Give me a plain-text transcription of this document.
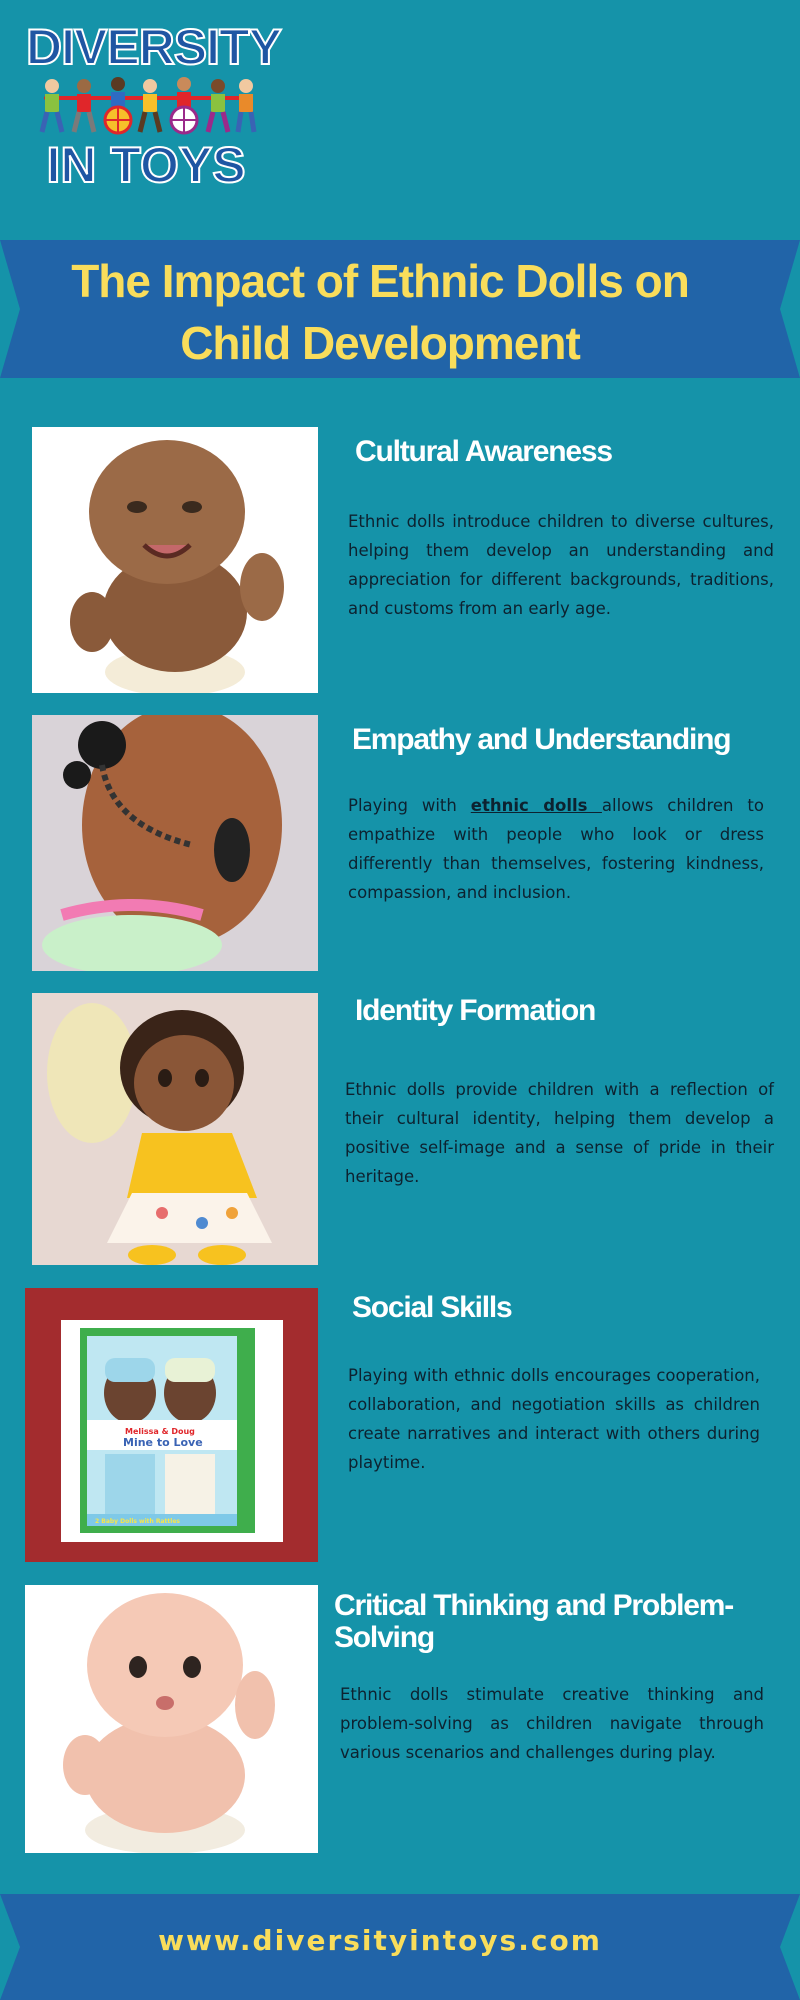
DIVERSITY
IN TOYS
The Impact of Ethnic Dolls on
Child Development
Cultural Awareness

Ethnic dolls introduce children to diverse cultures, helping them develop an understanding and appreciation for different backgrounds, traditions, and customs from an early age.

Empathy and Understanding

Playing with ethnic dolls allows children to empathize with people who look or dress differently than themselves, fostering kindness, compassion, and inclusion.

Identity Formation

Ethnic dolls provide children with a reflection of their cultural identity, helping them develop a positive self-image and a sense of pride in their heritage.

Melissa & Doug
Mine to Love
2 Baby Dolls with Rattles
Social Skills

Playing with ethnic dolls encourages cooperation, collaboration, and negotiation skills as children create narratives and interact with others during playtime.

Critical Thinking and Problem-Solving

Ethnic dolls stimulate creative thinking and problem-solving as children navigate through various scenarios and challenges during play.

www.diversityintoys.com
